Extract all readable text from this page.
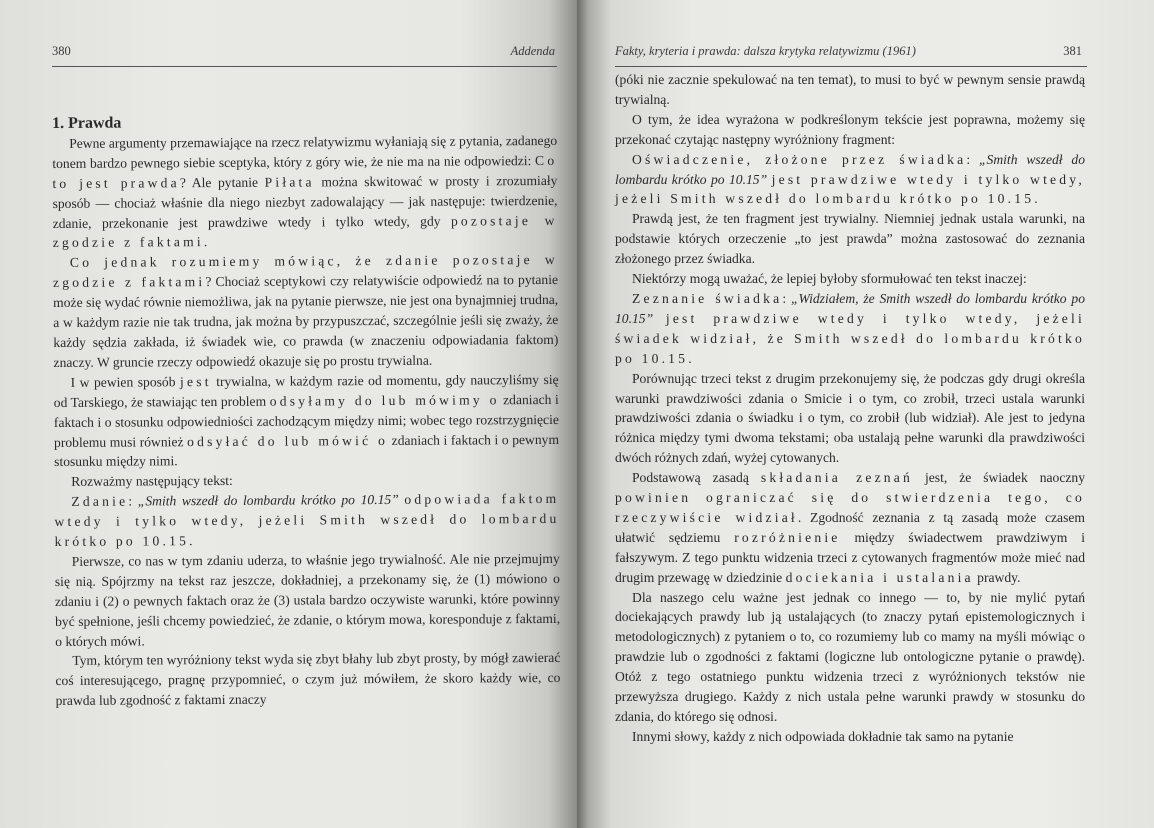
380	Addenda

1. Prawda

Pewne argumenty przemawiające na rzecz relatywizmu wyłaniają się z pytania, zadanego tonem bardzo pewnego siebie sceptyka, który z góry wie, że nie ma na nie odpowiedzi: Co to jest prawda? Ale pytanie Piłata można skwitować w prosty i zrozumiały sposób — chociaż właśnie dla niego niezbyt zadowalający — jak następuje: twierdzenie, zdanie, przekonanie jest prawdziwe wtedy i tylko wtedy, gdy pozostaje w zgodzie z faktami.

Co jednak rozumiemy mówiąc, że zdanie pozostaje w zgodzie z faktami? Chociaż sceptykowi czy relatywiście odpowiedź na to pytanie może się wydać równie niemożliwa, jak na pytanie pierwsze, nie jest ona bynajmniej trudna, a w każdym razie nie tak trudna, jak można by przypuszczać, szczególnie jeśli się zważy, że każdy sędzia zakłada, iż świadek wie, co prawda (w znaczeniu odpowiadania faktom) znaczy. W gruncie rzeczy odpowiedź okazuje się po prostu trywialna.

I w pewien sposób jest trywialna, w każdym razie od momentu, gdy nauczyliśmy się od Tarskiego, że stawiając ten problem odsyłamy do lub mówimy o zdaniach i faktach i o stosunku odpowiedniości zachodzącym między nimi; wobec tego rozstrzygnięcie problemu musi również odsyłać do lub mówić o zdaniach i faktach i o pewnym stosunku między nimi.

Rozważmy następujący tekst:

Zdanie: „Smith wszedł do lombardu krótko po 10.15” odpowiada faktom wtedy i tylko wtedy, jeżeli Smith wszedł do lombardu krótko po 10.15.

Pierwsze, co nas w tym zdaniu uderza, to właśnie jego trywialność. Ale nie przejmujmy się nią. Spójrzmy na tekst raz jeszcze, dokładniej, a przekonamy się, że (1) mówiono o zdaniu i (2) o pewnych faktach oraz że (3) ustala bardzo oczywiste warunki, które powinny być spełnione, jeśli chcemy powiedzieć, że zdanie, o którym mowa, koresponduje z faktami, o których mówi.

Tym, którym ten wyróżniony tekst wyda się zbyt błahy lub zbyt prosty, by mógł zawierać coś interesującego, pragnę przypomnieć, o czym już mówiłem, że skoro każdy wie, co prawda lub zgodność z faktami znaczy

Fakty, kryteria i prawda: dalsza krytyka relatywizmu (1961)	381

(póki nie zacznie spekulować na ten temat), to musi to być w pewnym sensie prawdą trywialną.

O tym, że idea wyrażona w podkreślonym tekście jest poprawna, możemy się przekonać czytając następny wyróżniony fragment:

Oświadczenie, złożone przez świadka: „Smith wszedł do lombardu krótko po 10.15” jest prawdziwe wtedy i tylko wtedy, jeżeli Smith wszedł do lombardu krótko po 10.15.

Prawdą jest, że ten fragment jest trywialny. Niemniej jednak ustala warunki, na podstawie których orzeczenie „to jest prawda” można zastosować do zeznania złożonego przez świadka.

Niektórzy mogą uważać, że lepiej byłoby sformułować ten tekst inaczej:

Zeznanie świadka: „Widziałem, że Smith wszedł do lombardu krótko po 10.15” jest prawdziwe wtedy i tylko wtedy, jeżeli świadek widział, że Smith wszedł do lombardu krótko po 10.15.

Porównując trzeci tekst z drugim przekonujemy się, że podczas gdy drugi określa warunki prawdziwości zdania o Smicie i o tym, co zrobił, trzeci ustala warunki prawdziwości zdania o świadku i o tym, co zrobił (lub widział). Ale jest to jedyna różnica między tymi dwoma tekstami; oba ustalają pełne warunki dla prawdziwości dwóch różnych zdań, wyżej cytowanych.

Podstawową zasadą składania zeznań jest, że świadek naoczny powinien ograniczać się do stwierdzenia tego, co rzeczywiście widział. Zgodność zeznania z tą zasadą może czasem ułatwić sędziemu rozróżnienie między świadectwem prawdziwym i fałszywym. Z tego punktu widzenia trzeci z cytowanych fragmentów może mieć nad drugim przewagę w dziedzinie dociekania i ustalania prawdy.

Dla naszego celu ważne jest jednak co innego — to, by nie mylić pytań dociekających prawdy lub ją ustalających (to znaczy pytań epistemologicznych i metodologicznych) z pytaniem o to, co rozumiemy lub co mamy na myśli mówiąc o prawdzie lub o zgodności z faktami (logiczne lub ontologiczne pytanie o prawdę). Otóż z tego ostatniego punktu widzenia trzeci z wyróżnionych tekstów nie przewyższa drugiego. Każdy z nich ustala pełne warunki prawdy w stosunku do zdania, do którego się odnosi.

Innymi słowy, każdy z nich odpowiada dokładnie tak samo na pytanie
